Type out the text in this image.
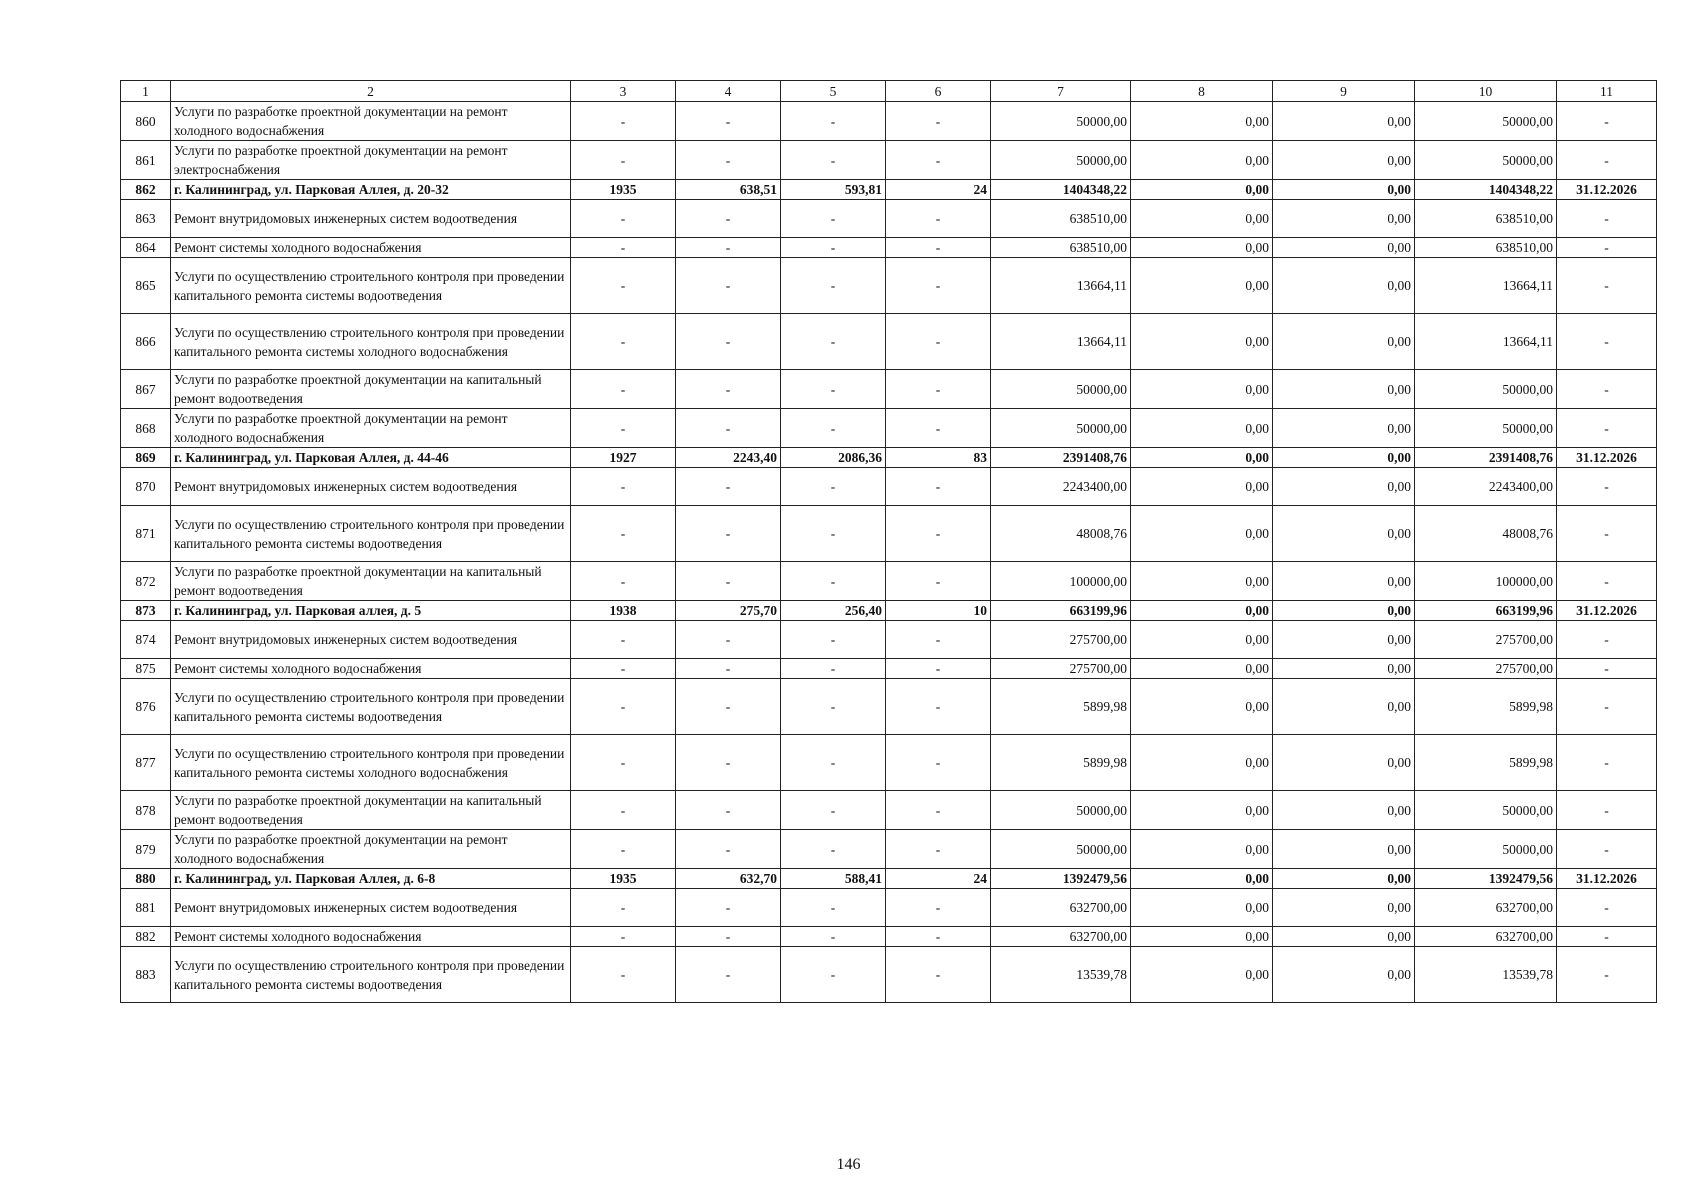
1	2	3	4	5	6	7	8	9	10	11
860	Услуги по разработке проектной документации на ремонт холодного водоснабжения	-	-	-	-	50000,00	0,00	0,00	50000,00	-
861	Услуги по разработке проектной документации на ремонт электроснабжения	-	-	-	-	50000,00	0,00	0,00	50000,00	-
862	г. Калининград, ул. Парковая Аллея, д. 20-32	1935	638,51	593,81	24	1404348,22	0,00	0,00	1404348,22	31.12.2026
863	Ремонт внутридомовых инженерных систем водоотведения	-	-	-	-	638510,00	0,00	0,00	638510,00	-
864	Ремонт системы холодного водоснабжения	-	-	-	-	638510,00	0,00	0,00	638510,00	-
865	Услуги по осуществлению строительного контроля при проведении капитального ремонта системы водоотведения	-	-	-	-	13664,11	0,00	0,00	13664,11	-
866	Услуги по осуществлению строительного контроля при проведении капитального ремонта системы холодного водоснабжения	-	-	-	-	13664,11	0,00	0,00	13664,11	-
867	Услуги по разработке проектной документации на капитальный ремонт водоотведения	-	-	-	-	50000,00	0,00	0,00	50000,00	-
868	Услуги по разработке проектной документации на ремонт холодного водоснабжения	-	-	-	-	50000,00	0,00	0,00	50000,00	-
869	г. Калининград, ул. Парковая Аллея, д. 44-46	1927	2243,40	2086,36	83	2391408,76	0,00	0,00	2391408,76	31.12.2026
870	Ремонт внутридомовых инженерных систем водоотведения	-	-	-	-	2243400,00	0,00	0,00	2243400,00	-
871	Услуги по осуществлению строительного контроля при проведении капитального ремонта системы водоотведения	-	-	-	-	48008,76	0,00	0,00	48008,76	-
872	Услуги по разработке проектной документации на капитальный ремонт водоотведения	-	-	-	-	100000,00	0,00	0,00	100000,00	-
873	г. Калининград, ул. Парковая аллея, д. 5	1938	275,70	256,40	10	663199,96	0,00	0,00	663199,96	31.12.2026
874	Ремонт внутридомовых инженерных систем водоотведения	-	-	-	-	275700,00	0,00	0,00	275700,00	-
875	Ремонт системы холодного водоснабжения	-	-	-	-	275700,00	0,00	0,00	275700,00	-
876	Услуги по осуществлению строительного контроля при проведении капитального ремонта системы водоотведения	-	-	-	-	5899,98	0,00	0,00	5899,98	-
877	Услуги по осуществлению строительного контроля при проведении капитального ремонта системы холодного водоснабжения	-	-	-	-	5899,98	0,00	0,00	5899,98	-
878	Услуги по разработке проектной документации на капитальный ремонт водоотведения	-	-	-	-	50000,00	0,00	0,00	50000,00	-
879	Услуги по разработке проектной документации на ремонт холодного водоснабжения	-	-	-	-	50000,00	0,00	0,00	50000,00	-
880	г. Калининград, ул. Парковая Аллея, д. 6-8	1935	632,70	588,41	24	1392479,56	0,00	0,00	1392479,56	31.12.2026
881	Ремонт внутридомовых инженерных систем водоотведения	-	-	-	-	632700,00	0,00	0,00	632700,00	-
882	Ремонт системы холодного водоснабжения	-	-	-	-	632700,00	0,00	0,00	632700,00	-
883	Услуги по осуществлению строительного контроля при проведении капитального ремонта системы водоотведения	-	-	-	-	13539,78	0,00	0,00	13539,78	-
146
